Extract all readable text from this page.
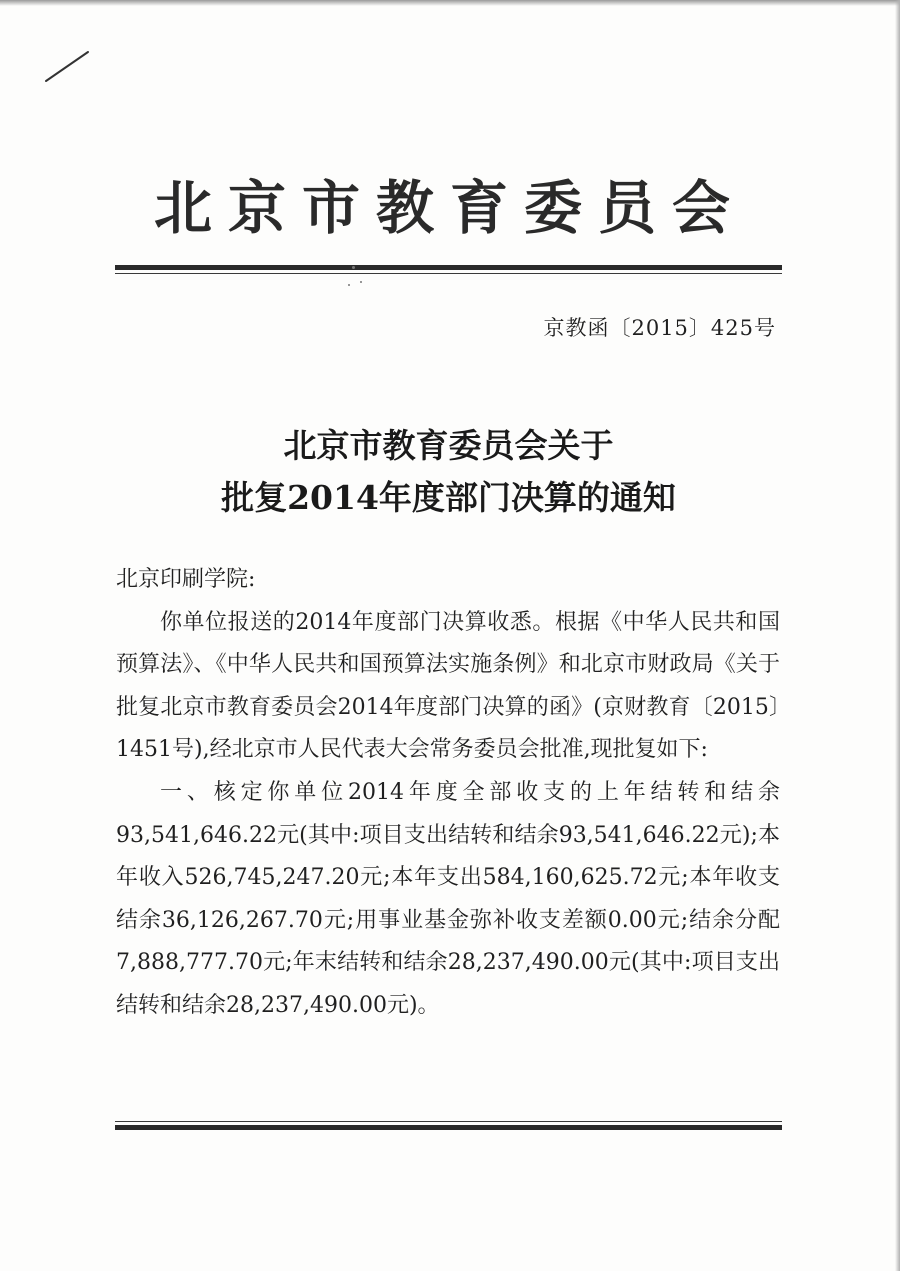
北京市教育委员会
京教函〔2015〕425号
北京市教育委员会关于
批复2014年度部门决算的通知

北京印刷学院:

你单位报送的2014年度部门决算收悉。根据《中华人民共和国预算法》、《中华人民共和国预算法实施条例》和北京市财政局《关于批复北京市教育委员会2014年度部门决算的函》(京财教育〔2015〕1451号),经北京市人民代表大会常务委员会批准,现批复如下:

一、核定你单位2014年度全部收支的上年结转和结余93,541,646.22元(其中:项目支出结转和结余93,541,646.22元);本年收入526,745,247.20元;本年支出584,160,625.72元;本年收支结余36,126,267.70元;用事业基金弥补收支差额0.00元;结余分配7,888,777.70元;年末结转和结余28,237,490.00元(其中:项目支出结转和结余28,237,490.00元)。
